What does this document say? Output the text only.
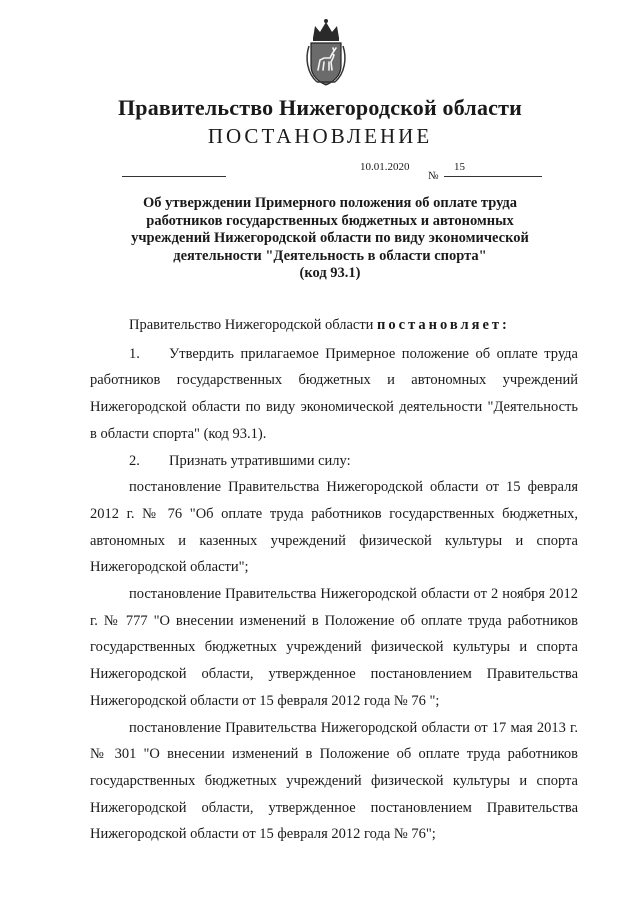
Правительство Нижегородской области
ПОСТАНОВЛЕНИЕ
10.01.2020
№
15
Об утверждении Примерного положения об оплате труда
работников государственных бюджетных и автономных
учреждений Нижегородской области по виду экономической
деятельности "Деятельность в области спорта"
(код 93.1)

Правительство Нижегородской области постановляет:

1. Утвердить прилагаемое Примерное положение об оплате труда работников государственных бюджетных и автономных учреждений Нижегородской области по виду экономической деятельности "Деятельность в области спорта" (код 93.1).

2. Признать утратившими силу:

постановление Правительства Нижегородской области от 15 февраля 2012 г. № 76 "Об оплате труда работников государственных бюджетных, автономных и казенных учреждений физической культуры и спорта Нижегородской области";

постановление Правительства Нижегородской области от 2 ноября 2012 г. № 777 "О внесении изменений в Положение об оплате труда работников государственных бюджетных учреждений физической культуры и спорта Нижегородской области, утвержденное постановлением Правительства Нижегородской области от 15 февраля 2012 года № 76 ";

постановление Правительства Нижегородской области от 17 мая 2013 г. № 301 "О внесении изменений в Положение об оплате труда работников государственных бюджетных учреждений физической культуры и спорта Нижегородской области, утвержденное постановлением Правительства Нижегородской области от 15 февраля 2012 года № 76";
